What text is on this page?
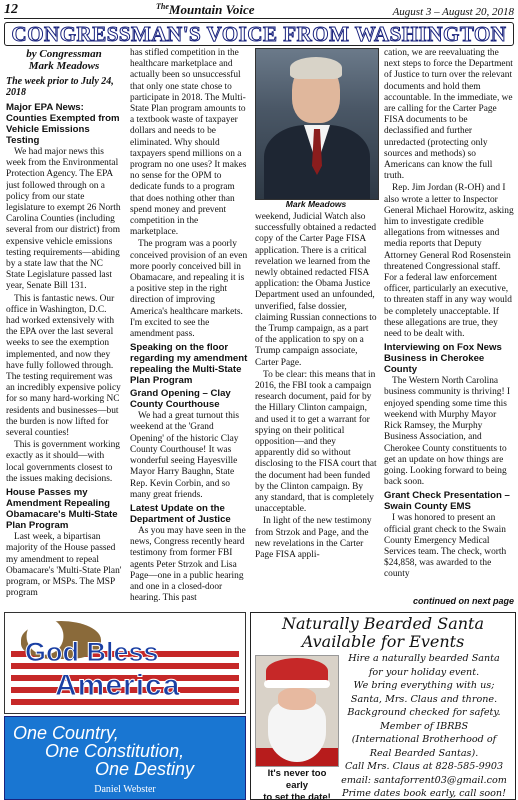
12	$^{The}$Mountain Voice	August 3 – August 20, 2018
CONGRESSMAN'S VOICE FROM WASHINGTON
by Congressman
Mark Meadows
The week prior to July 24, 2018
Major EPA News: Counties Exempted from Vehicle Emissions Testing

We had major news this week from the Environmental Protection Agency. The EPA just followed through on a policy from our state legislature to exempt 26 North Carolina Counties (including several from our district) from expensive vehicle emissions testing requirements—abiding by a state law that the NC State Legislature passed last year, Senate Bill 131.

This is fantastic news. Our office in Washington, D.C. had worked extensively with the EPA over the last several weeks to see the exemption implemented, and now they have fully followed through. The testing requirement was an incredibly expensive policy for so many hard-working NC residents and businesses—but the burden is now lifted for several counties!

This is government working exactly as it should—with local governments closest to the issues making decisions.

House Passes my Amendment Repealing Obamacare's Multi-State Plan Program

Last week, a bipartisan majority of the House passed my amendment to repeal Obamacare's 'Multi-State Plan' program, or MSPs. The MSP program

has stifled competition in the healthcare marketplace and actually been so unsuccessful that only one state chose to participate in 2018. The Multi-State Plan program amounts to a textbook waste of taxpayer dollars and needs to be eliminated. Why should taxpayers spend millions on a program no one uses? It makes no sense for the OPM to dedicate funds to a program that does nothing other than spend money and prevent competition in the marketplace.

The program was a poorly conceived provision of an even more poorly conceived bill in Obamacare, and repealing it is a positive step in the right direction of improving America's healthcare markets. I'm excited to see the amendment pass.

Speaking on the floor regarding my amendment repealing the Multi-State Plan Program
Grand Opening – Clay County Courthouse

We had a great turnout this weekend at the 'Grand Opening' of the historic Clay County Courthouse! It was wonderful seeing Hayesville Mayor Harry Baughn, State Rep. Kevin Corbin, and so many great friends.

Latest Update on the Department of Justice

As you may have seen in the news, Congress recently heard testimony from former FBI agents Peter Strzok and Lisa Page—one in a public hearing and one in a closed-door hearing. This past

Mark Meadows

weekend, Judicial Watch also successfully obtained a redacted copy of the Carter Page FISA application. There is a critical revelation we learned from the newly obtained redacted FISA application: the Obama Justice Department used an unfounded, unverified, false dossier, claiming Russian connections to the Trump campaign, as a part of the application to spy on a Trump campaign associate, Carter Page.

To be clear: this means that in 2016, the FBI took a campaign research document, paid for by the Hillary Clinton campaign, and used it to get a warrant for spying on their political opposition—and they apparently did so without disclosing to the FISA court that the document had been funded by the Clinton campaign. By any standard, that is completely unacceptable.

In light of the new testimony from Strzok and Page, and the new revelations in the Carter Page FISA appli-

cation, we are reevaluating the next steps to force the Department of Justice to turn over the relevant documents and hold them accountable. In the immediate, we are calling for the Carter Page FISA documents to be declassified and further unredacted (protecting only sources and methods) so Americans can know the full truth.

Rep. Jim Jordan (R-OH) and I also wrote a letter to Inspector General Michael Horowitz, asking him to investigate credible allegations from witnesses and media reports that Deputy Attorney General Rod Rosenstein threatened Congressional staff. For a federal law enforcement officer, particularly an executive, to threaten staff in any way would be completely unacceptable. If these allegations are true, they need to be dealt with.

Interviewing on Fox News Business in Cherokee County

The Western North Carolina business community is thriving! I enjoyed spending some time this weekend with Murphy Mayor Rick Ramsey, the Murphy Business Association, and Cherokee County constituents to get an update on how things are going. Looking forward to being back soon.

Grant Check Presentation – Swain County EMS

I was honored to present an official grant check to the Swain County Emergency Medical Services team. The check, worth $24,858, was awarded to the county

continued on next page
God Bless
America
One Country,
One Constitution,
One Destiny
Daniel Webster
Naturally Bearded Santa
Available for Events
Hire a naturally bearded Santa
for your holiday event.
We bring everything with us;
Santa, Mrs. Claus and throne.
Background checked for safety.
Member of IBRBS
(International Brotherhood of
Real Bearded Santas).
Call Mrs. Claus at 828-585-9903
email: santaforrent03@gmail.com
Prime dates book early, call soon!
It's never too early
to set the date!
